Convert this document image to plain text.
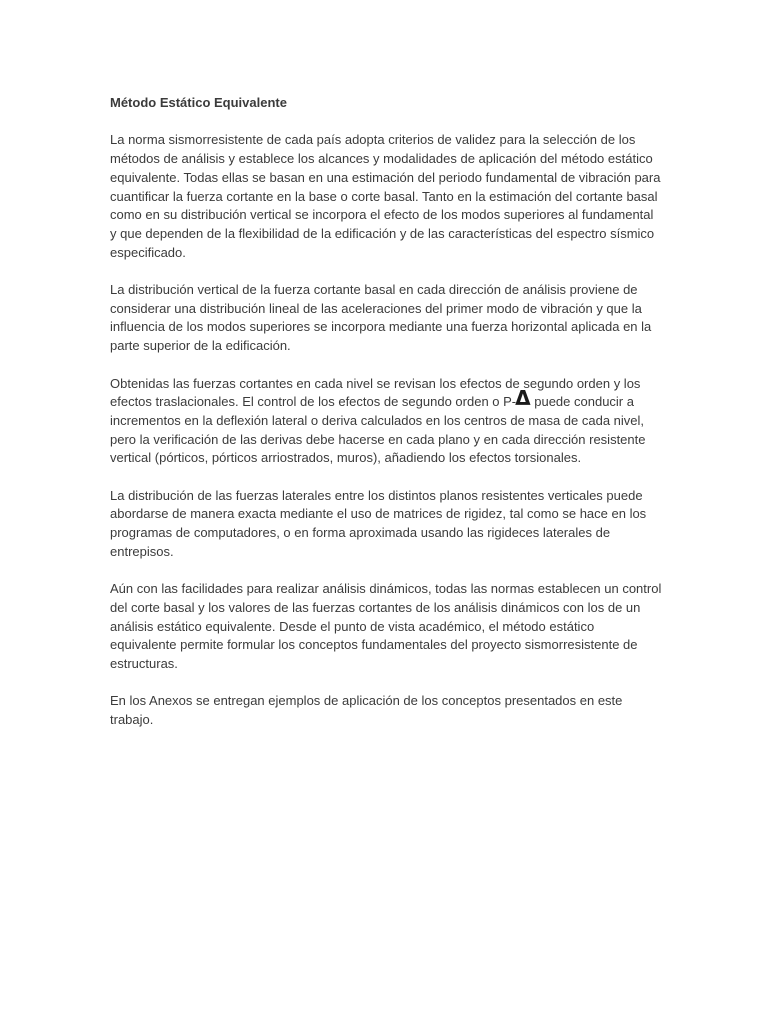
Método Estático Equivalente

La norma sismorresistente de cada país adopta criterios de validez para la selección de los métodos de análisis y establece los alcances y modalidades de aplicación del método estático equivalente. Todas ellas se basan en una estimación del periodo fundamental de vibración para cuantificar la fuerza cortante en la base o corte basal. Tanto en la estimación del cortante basal como en su distribución vertical se incorpora el efecto de los modos superiores al fundamental y que dependen de la flexibilidad de la edificación y de las características del espectro sísmico especificado.

La distribución vertical de la fuerza cortante basal en cada dirección de análisis proviene de considerar una distribución lineal de las aceleraciones del primer modo de vibración y que la influencia de los modos superiores se incorpora mediante una fuerza horizontal aplicada en la parte superior de la edificación.

Obtenidas las fuerzas cortantes en cada nivel se revisan los efectos de segundo orden y los efectos traslacionales. El control de los efectos de segundo orden o P-Δ puede conducir a incrementos en la deflexión lateral o deriva calculados en los centros de masa de cada nivel, pero la verificación de las derivas debe hacerse en cada plano y en cada dirección resistente vertical (pórticos, pórticos arriostrados, muros), añadiendo los efectos torsionales.

La distribución de las fuerzas laterales entre los distintos planos resistentes verticales puede abordarse de manera exacta mediante el uso de matrices de rigidez, tal como se hace en los programas de computadores, o en forma aproximada usando las rigideces laterales de entrepisos.

Aún con las facilidades para realizar análisis dinámicos, todas las normas establecen un control del corte basal y los valores de las fuerzas cortantes de los análisis dinámicos con los de un análisis estático equivalente. Desde el punto de vista académico, el método estático equivalente permite formular los conceptos fundamentales del proyecto sismorresistente de estructuras.

En los Anexos se entregan ejemplos de aplicación de los conceptos presentados en este trabajo.
